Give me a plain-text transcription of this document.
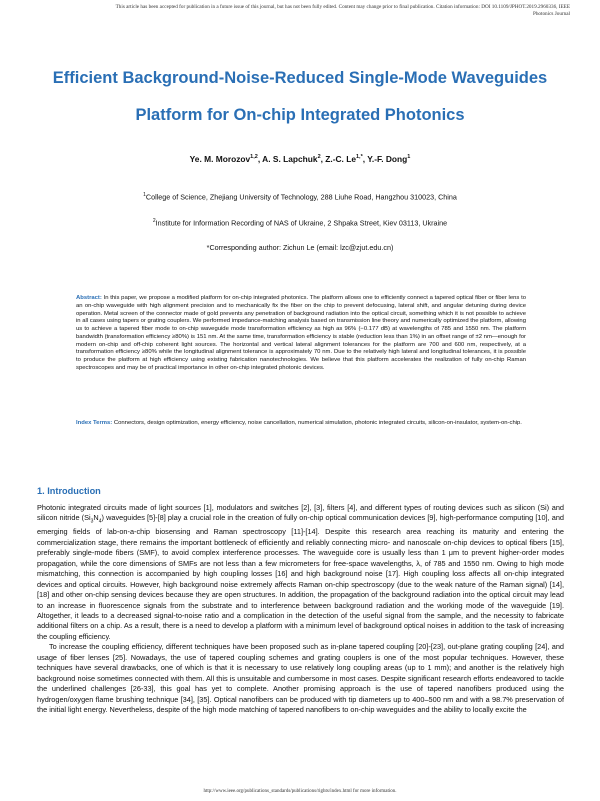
This article has been accepted for publication in a future issue of this journal, but has not been fully edited. Content may change prior to final publication. Citation information: DOI 10.1109/JPHOT.2019.2960336, IEEE
Photonics Journal
Efficient Background-Noise-Reduced Single-Mode Waveguides
Platform for On-chip Integrated Photonics
Ye. M. Morozov$^{1,2}$, A. S. Lapchuk$^2$, Z.-C. $Le^{1,*}$, Y.-F. Dong$^1$
$^1$College of Science, Zhejiang University of Technology, 288 Liuhe Road, Hangzhou 310023, China
$^2$Institute for Information Recording of NAS of Ukraine, 2 Shpaka Street, Kiev 03113, Ukraine
*Corresponding author: Zichun Le (email: lzc@zjut.edu.cn)
Abstract: In this paper, we propose a modified platform for on-chip integrated photonics. The platform allows one to efficiently connect a tapered optical fiber or fiber lens to an on-chip waveguide with high alignment precision and to mechanically fix the fiber on the chip to prevent defocusing, lateral shift, and angular detuning during device operation. Metal screen of the connector made of gold prevents any penetration of background radiation into the optical circuit, something which it is not possible to achieve in all cases using tapers or grating couplers. We performed impedance-matching analysis based on transmission line theory and numerically optimized the platform, allowing us to achieve a tapered fiber mode to on-chip waveguide mode transformation efficiency as high as 96% (−0.177 dB) at wavelengths of 785 and 1550 nm. The platform bandwidth (transformation efficiency ≥80%) is 151 nm. At the same time, transformation efficiency is stable (reduction less than 1%) in an offset range of ±2 nm—enough for modern on-chip and off-chip coherent light sources. The horizontal and vertical lateral alignment tolerances for the platform are 700 and 600 nm, respectively, at a transformation efficiency ≥80% while the longitudinal alignment tolerance is approximately 70 nm. Due to the relatively high lateral and longitudinal tolerances, it is possible to produce the platform at high efficiency using existing fabrication nanotechnologies. We believe that this platform accelerates the realization of fully on-chip Raman spectroscopes and may be of practical importance in other on-chip integrated photonic devices.
Index Terms: Connectors, design optimization, energy efficiency, noise cancellation, numerical simulation, photonic integrated circuits, silicon-on-insulator, system-on-chip.
1. Introduction

Photonic integrated circuits made of light sources [1], modulators and switches [2], [3], filters [4], and different types of routing devices such as silicon (Si) and silicon nitride $(Si_3N_4)$ waveguides [5]-[8] play a crucial role in the creation of fully on-chip optical communication devices [9], high-performance computing [10], and emerging fields of lab-on-a-chip biosensing and Raman spectroscopy [11]-[14]. Despite this research area reaching its maturity and entering the commercialization stage, there remains the important bottleneck of efficiently and reliably connecting micro- and nanoscale on-chip devices to optical fibers [15], preferably single-mode fibers (SMF), to avoid complex interference processes. The waveguide core is usually less than 1 μm to prevent higher-order modes propagation, while the core dimensions of SMFs are not less than a few micrometers for free-space wavelengths, λ, of 785 and 1550 nm. Owing to high mode mismatching, this connection is accompanied by high coupling losses [16] and high background noise [17]. High coupling loss affects all on-chip integrated devices and optical circuits. However, high background noise extremely affects Raman on-chip spectroscopy (due to the weak nature of the Raman signal) [14], [18] and other on-chip sensing devices because they are open structures. In addition, the propagation of the background radiation into the optical circuit may lead to an increase in fluorescence signals from the substrate and to interference between background radiation and the working mode of the waveguide [19]. Altogether, it leads to a decreased signal-to-noise ratio and a complication in the detection of the useful signal from the sample, and the necessity to fabricate additional filters on a chip. As a result, there is a need to develop a platform with a minimum level of background optical noises in addition to the task of increasing the coupling efficiency.

To increase the coupling efficiency, different techniques have been proposed such as in-plane tapered coupling [20]-[23], out-plane grating coupling [24], and usage of fiber lenses [25]. Nowadays, the use of tapered coupling schemes and grating couplers is one of the most popular techniques. However, these techniques have several drawbacks, one of which is that it is necessary to use relatively long coupling areas (up to 1 mm); and another is the relatively high background noise sometimes connected with them. All this is unsuitable and cumbersome in most cases. Despite significant research efforts endeavored to tackle the underlined challenges [26-33], this goal has yet to complete. Another promising approach is the use of tapered nanofibers produced using the hydrogen/oxygen flame brushing technique [34], [35]. Optical nanofibers can be produced with tip diameters up to 400–500 nm and with a 98.7% preservation of the initial light energy. Nevertheless, despite of the high mode matching of tapered nanofibers to on-chip waveguides and the ability to locally excite the

http://www.ieee.org/publications_standards/publications/rights/index.html for more information.
